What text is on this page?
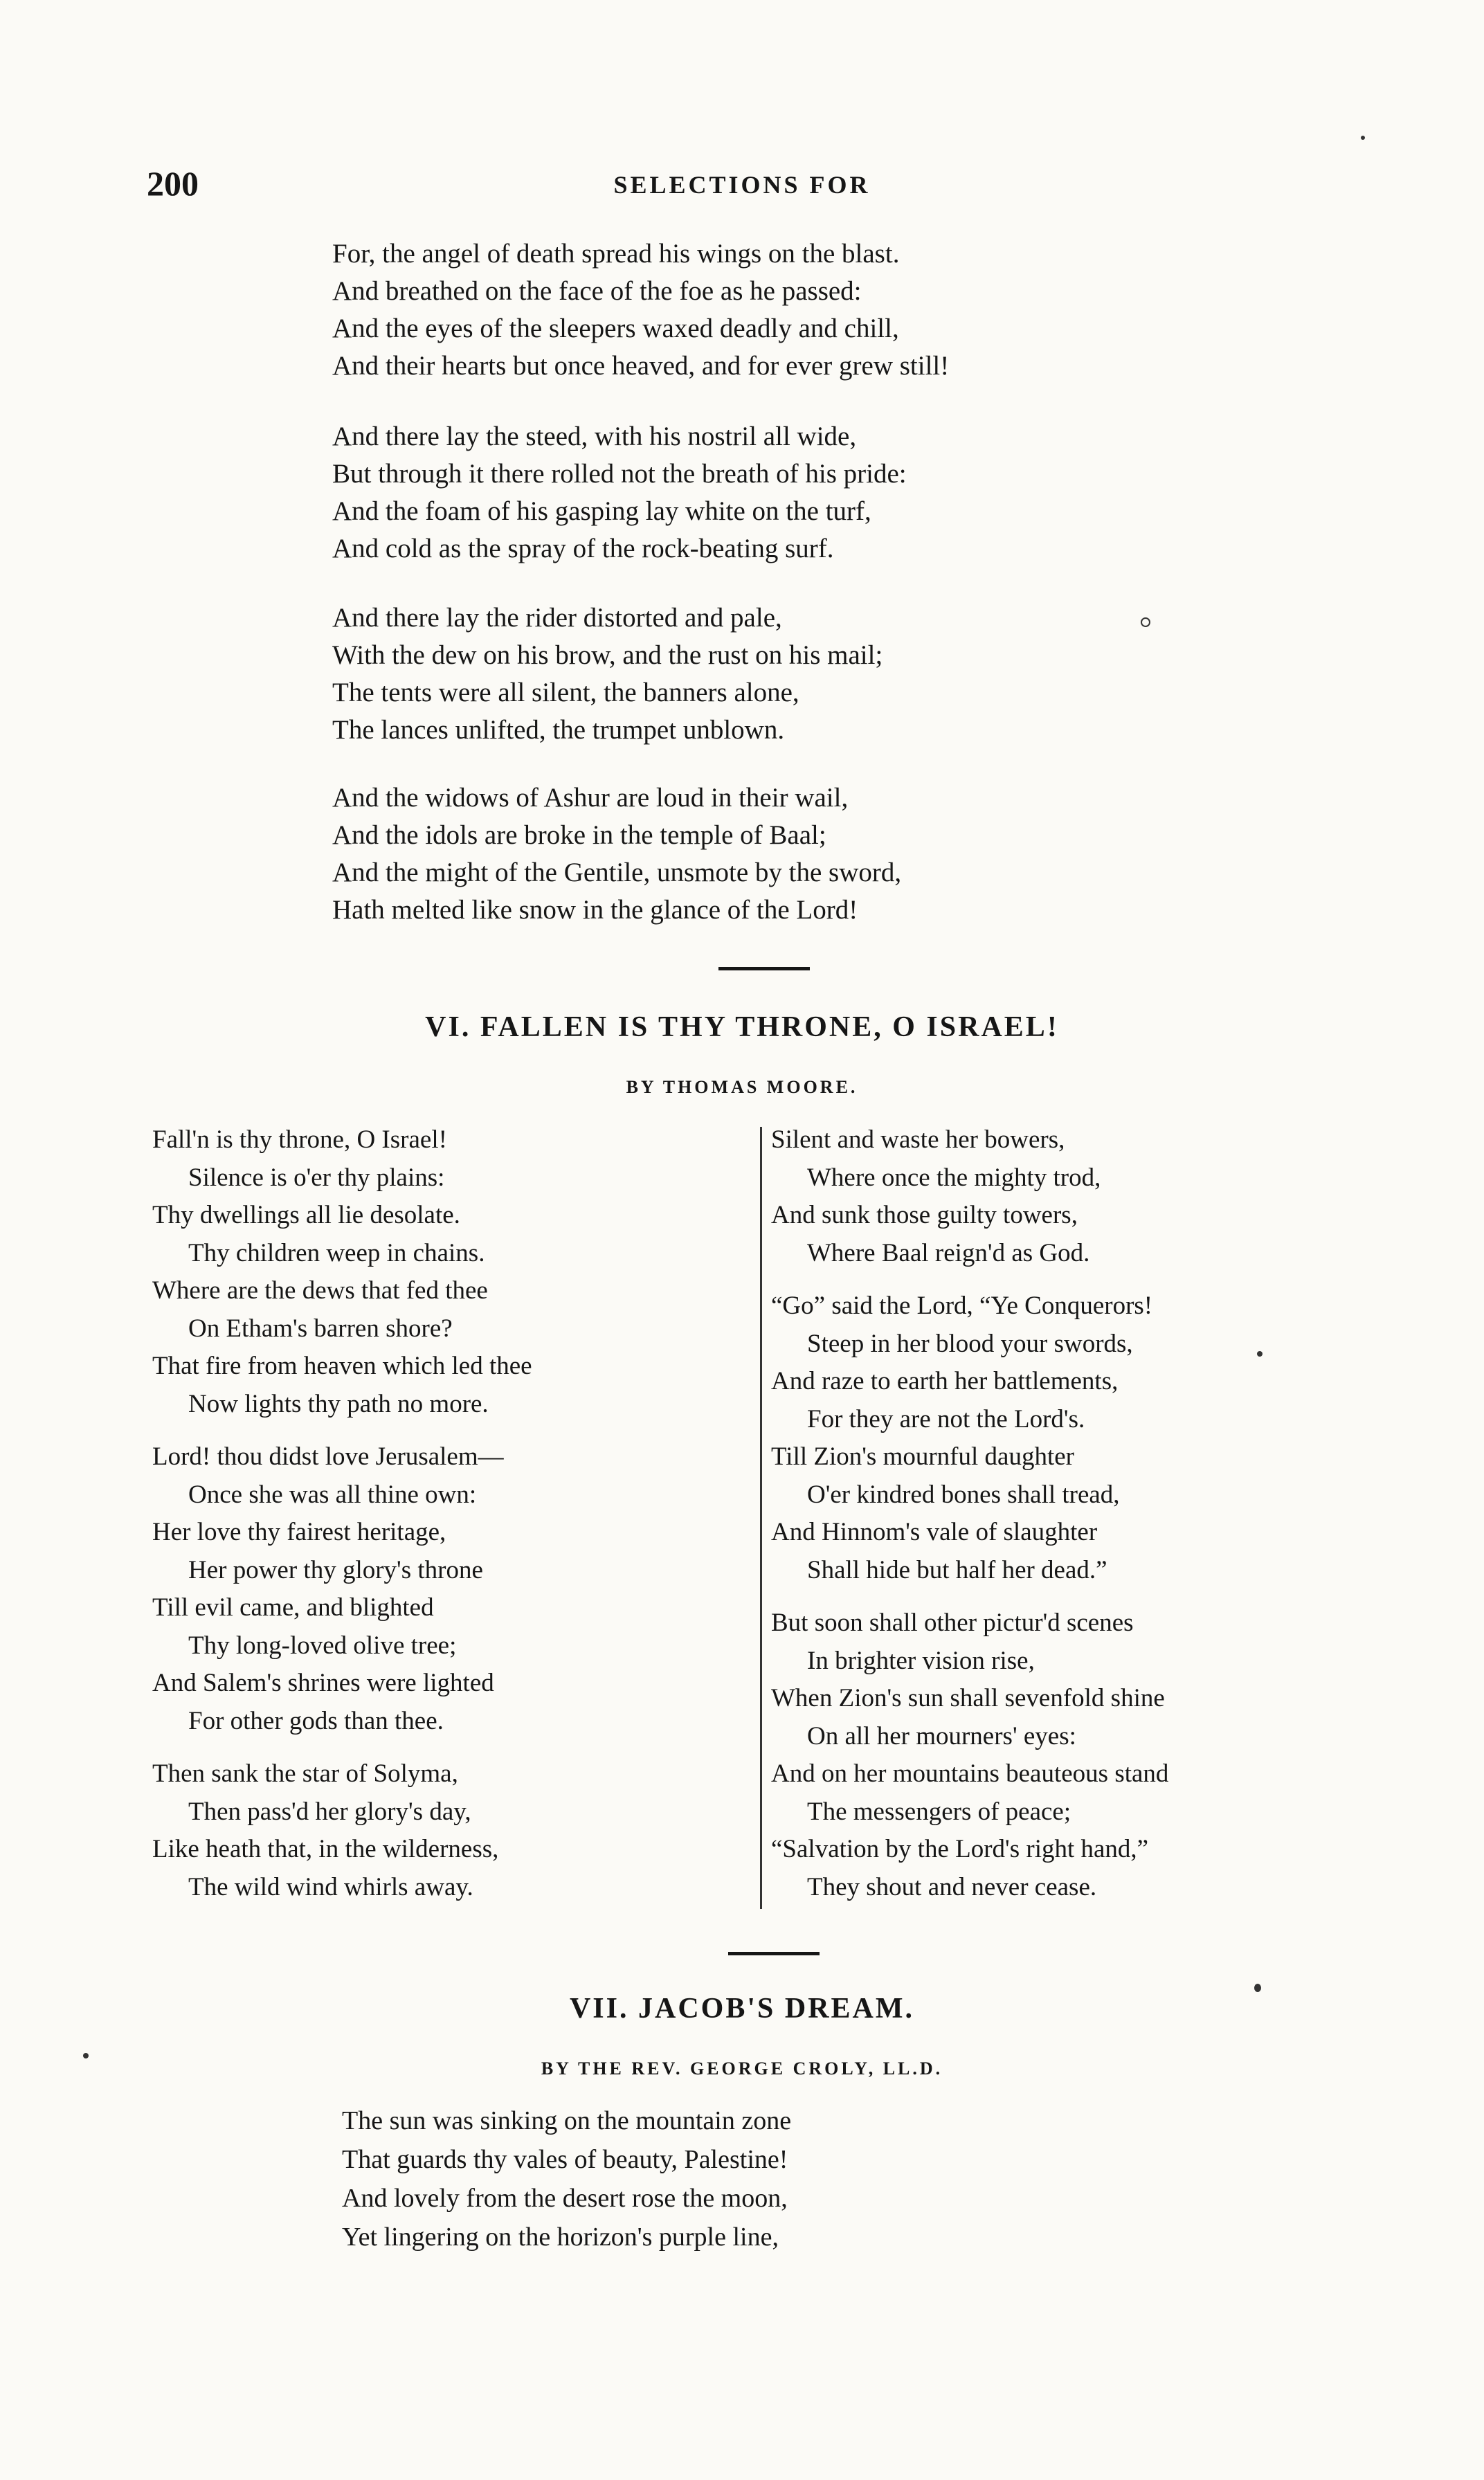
200	SELECTIONS FOR
For, the angel of death spread his wings on the blast.
And breathed on the face of the foe as he passed:
And the eyes of the sleepers waxed deadly and chill,
And their hearts but once heaved, and for ever grew still!
And there lay the steed, with his nostril all wide,
But through it there rolled not the breath of his pride:
And the foam of his gasping lay white on the turf,
And cold as the spray of the rock-beating surf.
And there lay the rider distorted and pale,
With the dew on his brow, and the rust on his mail;
The tents were all silent, the banners alone,
The lances unlifted, the trumpet unblown.
And the widows of Ashur are loud in their wail,
And the idols are broke in the temple of Baal;
And the might of the Gentile, unsmote by the sword,
Hath melted like snow in the glance of the Lord!
VI. FALLEN IS THY THRONE, O ISRAEL!
BY THOMAS MOORE.
Fall'n is thy throne, O Israel!
Silence is o'er thy plains:
Thy dwellings all lie desolate.
Thy children weep in chains.
Where are the dews that fed thee
On Etham's barren shore?
That fire from heaven which led thee
Now lights thy path no more.
Lord! thou didst love Jerusalem—
Once she was all thine own:
Her love thy fairest heritage,
Her power thy glory's throne
Till evil came, and blighted
Thy long-loved olive tree;
And Salem's shrines were lighted
For other gods than thee.
Then sank the star of Solyma,
Then pass'd her glory's day,
Like heath that, in the wilderness,
The wild wind whirls away.
Silent and waste her bowers,
Where once the mighty trod,
And sunk those guilty towers,
Where Baal reign'd as God.
“Go” said the Lord, “Ye Conquerors!
Steep in her blood your swords,
And raze to earth her battlements,
For they are not the Lord's.
Till Zion's mournful daughter
O'er kindred bones shall tread,
And Hinnom's vale of slaughter
Shall hide but half her dead.”
But soon shall other pictur'd scenes
In brighter vision rise,
When Zion's sun shall sevenfold shine
On all her mourners' eyes:
And on her mountains beauteous stand
The messengers of peace;
“Salvation by the Lord's right hand,”
They shout and never cease.
VII. JACOB'S DREAM.
BY THE REV. GEORGE CROLY, LL.D.
The sun was sinking on the mountain zone
That guards thy vales of beauty, Palestine!
And lovely from the desert rose the moon,
Yet lingering on the horizon's purple line,
